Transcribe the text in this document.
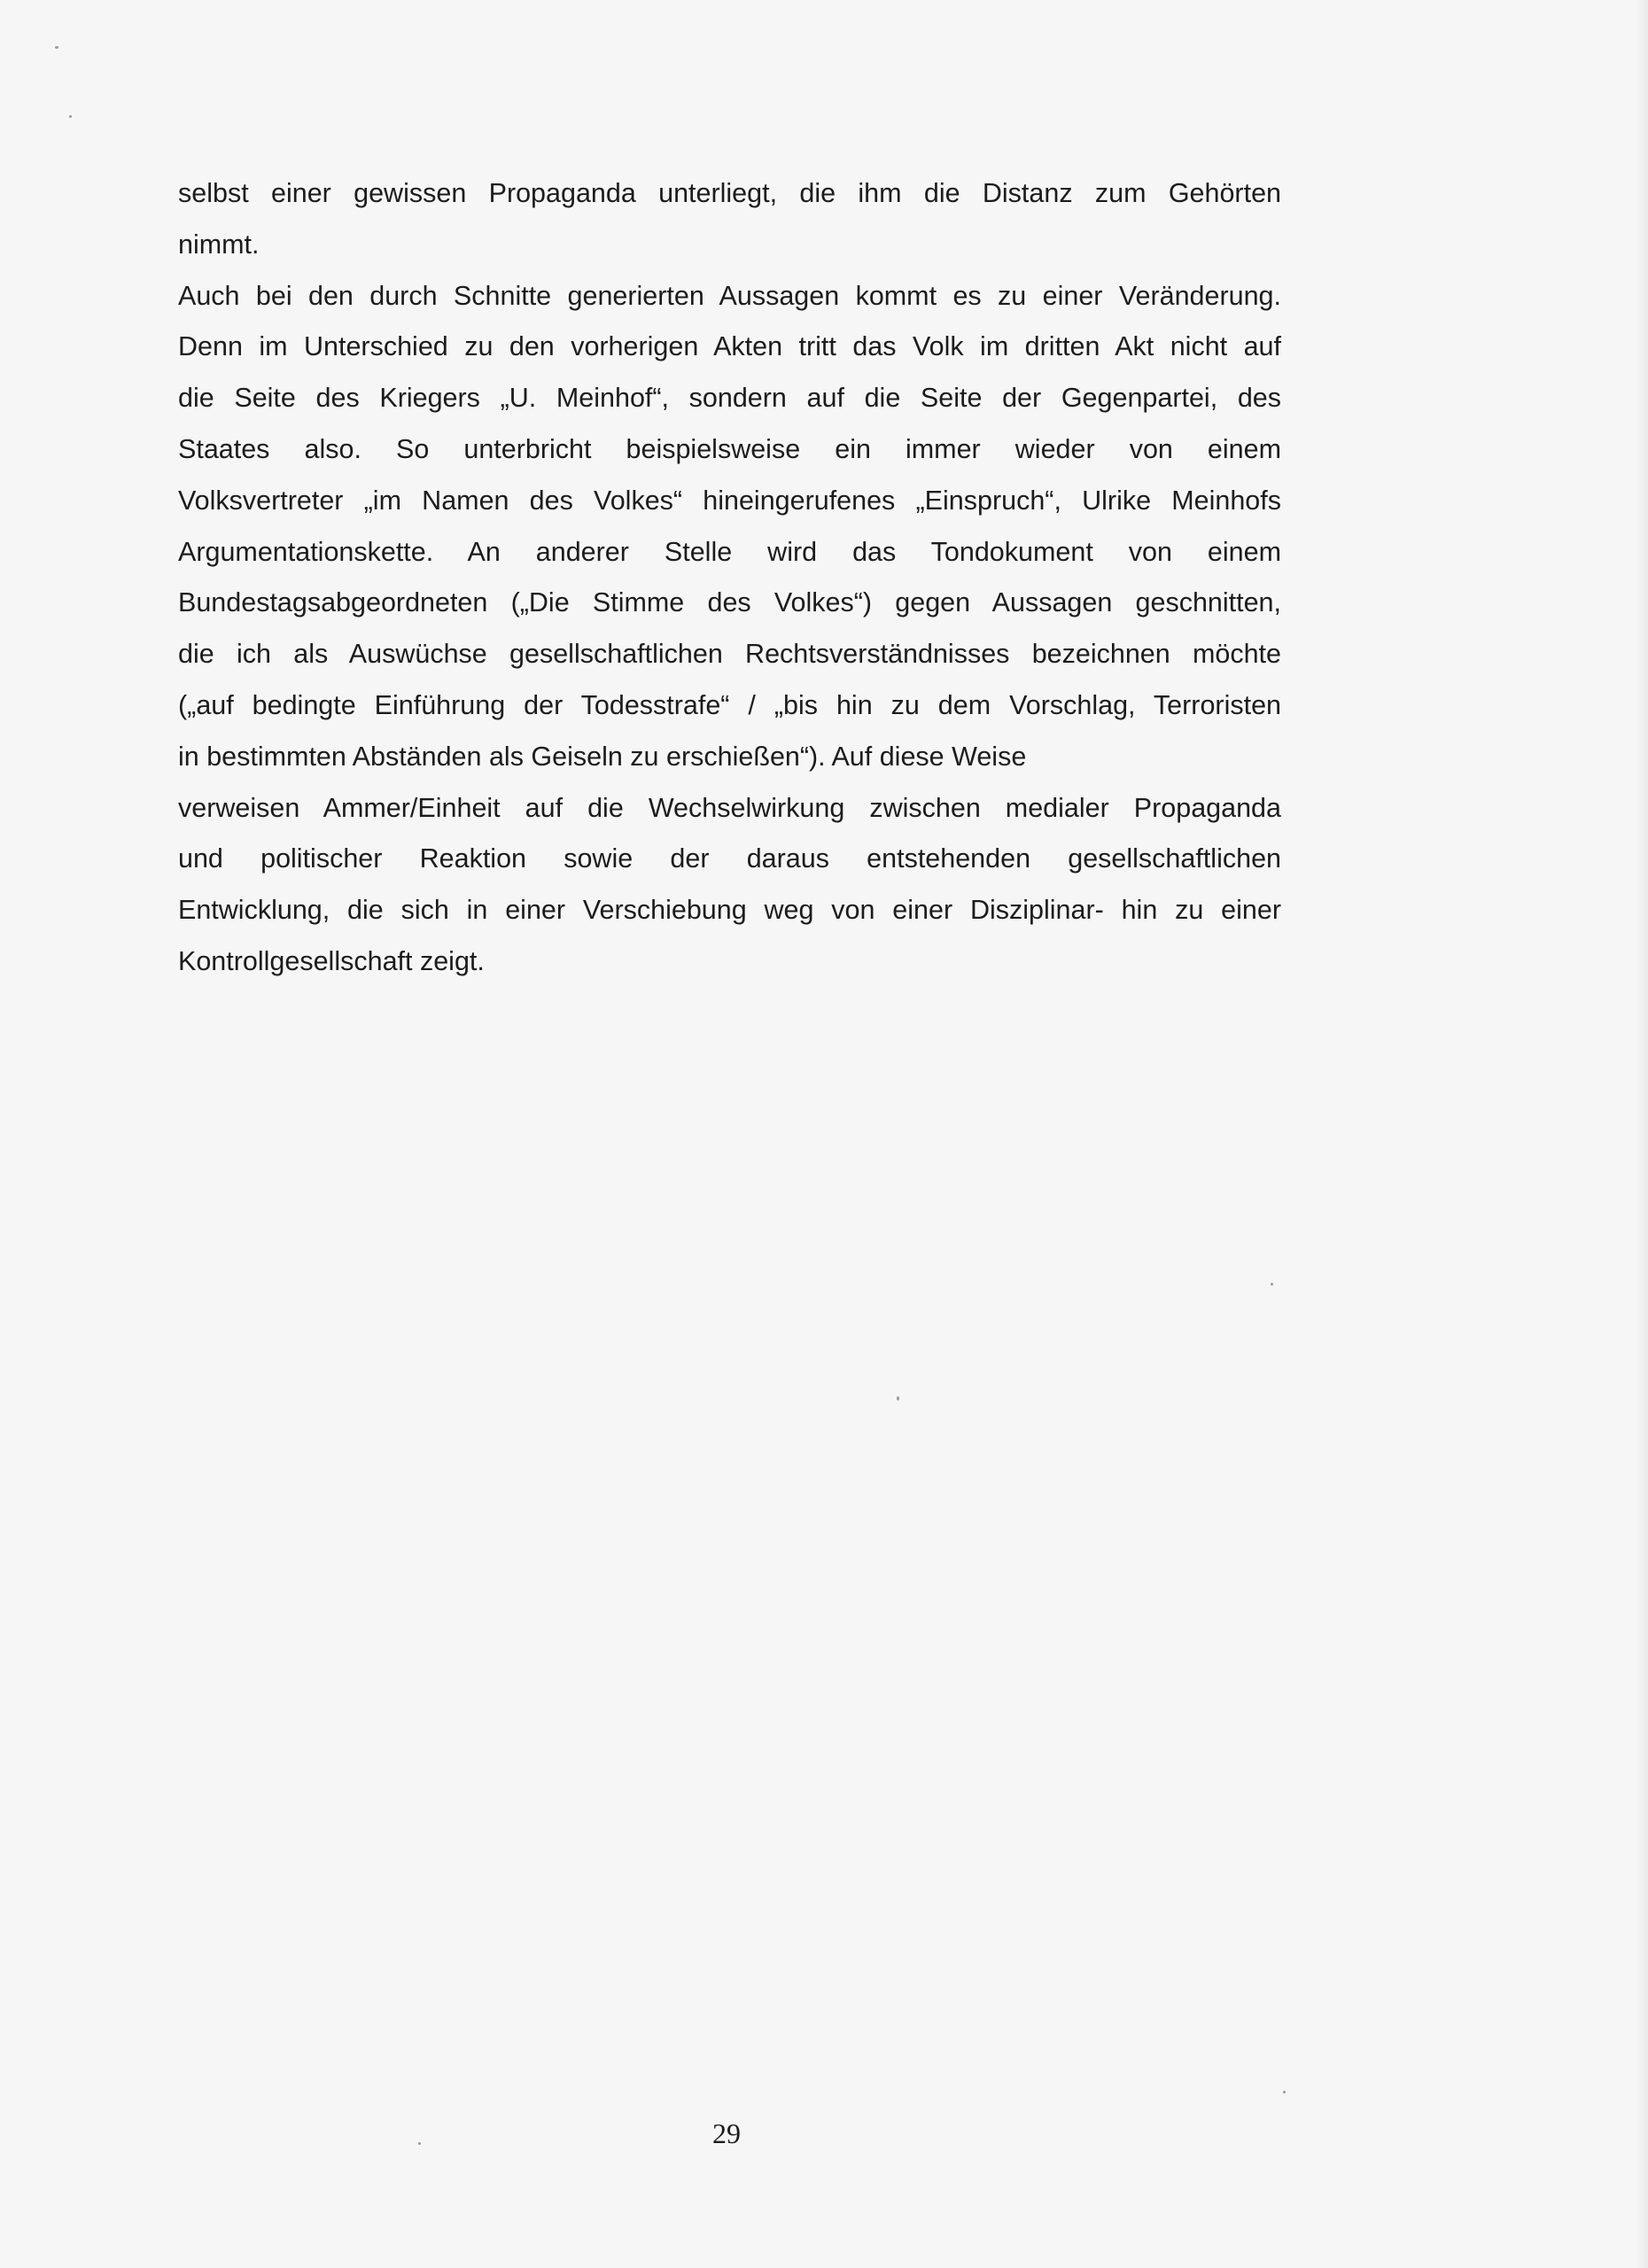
selbst einer gewissen Propaganda unterliegt, die ihm die Distanz zum Gehörten
nimmt.
Auch bei den durch Schnitte generierten Aussagen kommt es zu einer Veränderung.
Denn im Unterschied zu den vorherigen Akten tritt das Volk im dritten Akt nicht auf
die Seite des Kriegers „U. Meinhof“, sondern auf die Seite der Gegenpartei, des
Staates also. So unterbricht beispielsweise ein immer wieder von einem
Volksvertreter „im Namen des Volkes“ hineingerufenes „Einspruch“, Ulrike Meinhofs
Argumentationskette. An anderer Stelle wird das Tondokument von einem
Bundestagsabgeordneten („Die Stimme des Volkes“) gegen Aussagen geschnitten,
die ich als Auswüchse gesellschaftlichen Rechtsverständnisses bezeichnen möchte
(„auf bedingte Einführung der Todesstrafe“ / „bis hin zu dem Vorschlag, Terroristen
in bestimmten Abständen als Geiseln zu erschießen“). Auf diese Weise
verweisen Ammer/Einheit auf die Wechselwirkung zwischen medialer Propaganda
und politischer Reaktion sowie der daraus entstehenden gesellschaftlichen
Entwicklung, die sich in einer Verschiebung weg von einer Disziplinar- hin zu einer
Kontrollgesellschaft zeigt.
29
